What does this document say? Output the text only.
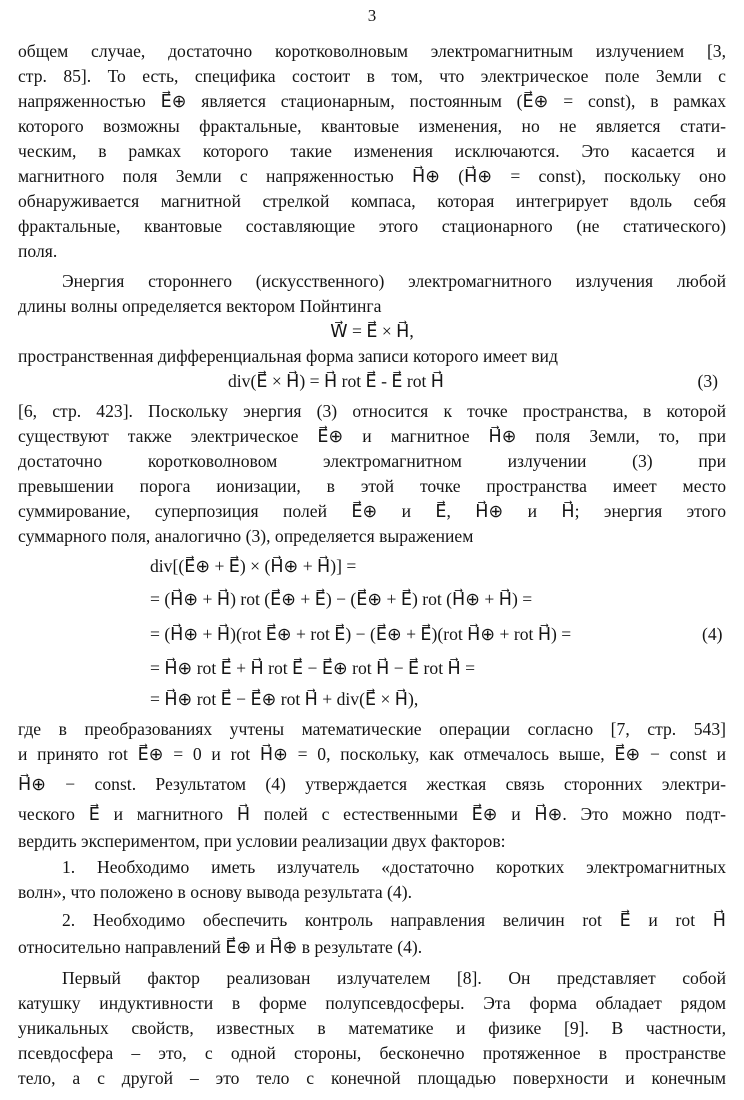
3
общем случае, достаточно коротковолновым электромагнитным излучением [3,
стр. 85]. То есть, специфика состоит в том, что электрическое поле Земли с
напряженностью E⃗⊕ является стационарным, постоянным (E⃗⊕ = const), в рамках
которого возможны фрактальные, квантовые изменения, но не является стати-
ческим, в рамках которого такие изменения исключаются. Это касается и
магнитного поля Земли с напряженностью H⃗⊕ (H⃗⊕ = const), поскольку оно
обнаруживается магнитной стрелкой компаса, которая интегрирует вдоль себя
фрактальные, квантовые составляющие этого стационарного (не статического)
поля.
Энергия стороннего (искусственного) электромагнитного излучения любой
длины волны определяется вектором Пойнтинга
W⃗ = E⃗ × H⃗,
пространственная дифференциальная форма записи которого имеет вид
div(E⃗ × H⃗) = H⃗ rot E⃗ - E⃗ rot H⃗	(3)
[6, стр. 423]. Поскольку энергия (3) относится к точке пространства, в которой
существуют также электрическое E⃗⊕ и магнитное H⃗⊕ поля Земли, то, при
достаточно коротковолновом электромагнитном излучении (3) при
превышении порога ионизации, в этой точке пространства имеет место
суммирование, суперпозиция полей E⃗⊕ и E⃗, H⃗⊕ и H⃗; энергия этого
суммарного поля, аналогично (3), определяется выражением
div[(E⃗⊕ + E⃗) × (H⃗⊕ + H⃗)] =
= (H⃗⊕ + H⃗) rot (E⃗⊕ + E⃗) − (E⃗⊕ + E⃗) rot (H⃗⊕ + H⃗) =
= (H⃗⊕ + H⃗)(rot E⃗⊕ + rot E⃗) − (E⃗⊕ + E⃗)(rot H⃗⊕ + rot H⃗) =	(4)
= H⃗⊕ rot E⃗ + H⃗ rot E⃗ − E⃗⊕ rot H⃗ − E⃗ rot H⃗ =
= H⃗⊕ rot E⃗ − E⃗⊕ rot H⃗ + div(E⃗ × H⃗),
где в преобразованиях учтены математические операции согласно [7, стр. 543]
и принято rot E⃗⊕ = 0 и rot H⃗⊕ = 0, поскольку, как отмечалось выше, E⃗⊕ − const и
H⃗⊕ − const. Результатом (4) утверждается жесткая связь сторонних электри-
ческого E⃗ и магнитного H⃗ полей с естественными E⃗⊕ и H⃗⊕. Это можно подт-
вердить экспериментом, при условии реализации двух факторов:
1. Необходимо иметь излучатель «достаточно коротких электромагнитных
волн», что положено в основу вывода результата (4).
2. Необходимо обеспечить контроль направления величин rot E⃗ и rot H⃗
относительно направлений E⃗⊕ и H⃗⊕ в результате (4).
Первый фактор реализован излучателем [8]. Он представляет собой
катушку индуктивности в форме полупсевдосферы. Эта форма обладает рядом
уникальных свойств, известных в математике и физике [9]. В частности,
псевдосфера – это, с одной стороны, бесконечно протяженное в пространстве
тело, а с другой – это тело с конечной площадью поверхности и конечным
